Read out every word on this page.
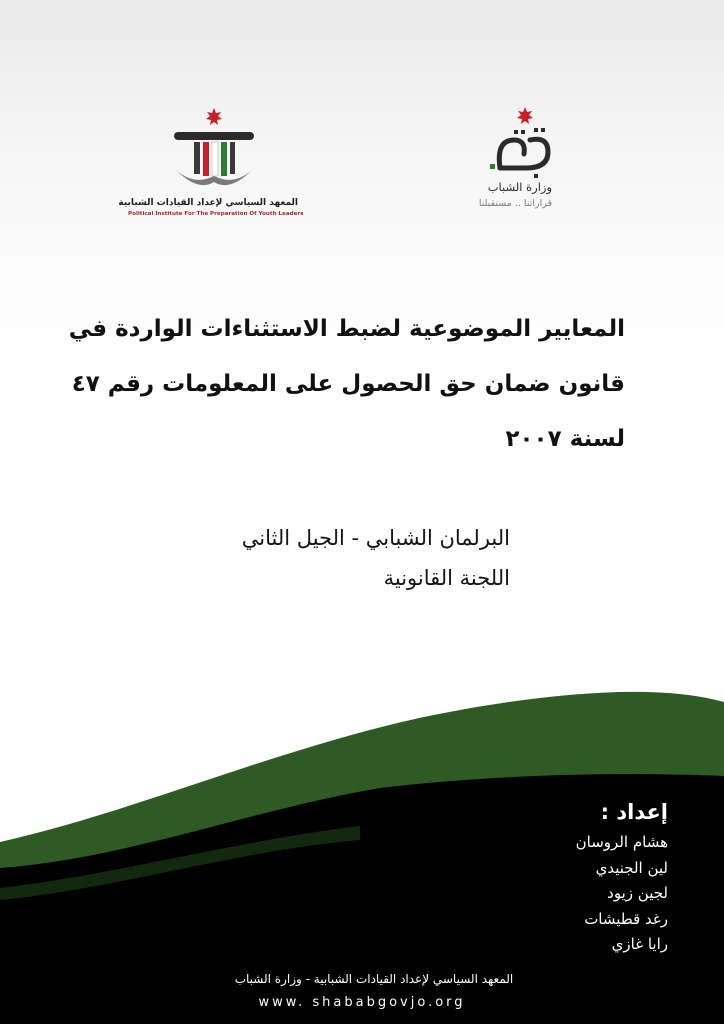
المعهد السياسي لإعداد القيادات الشبابية
Political Institute For The Preparation Of Youth Leaders
وزارة الشباب
قراراتنا .. مستقبلنا
المعايير الموضوعية لضبط الاستثناءات الواردة في
قانون ضمان حق الحصول على المعلومات رقم ٤٧
لسنة ٢٠٠٧
البرلمان الشبابي - الجيل الثاني
اللجنة القانونية
إعداد :
هشام الروسان
لين الجنيدي
لجين زيود
رغد قطيشات
رايا غازي
المعهد السياسي لإعداد القيادات الشبابية - وزارة الشباب
www. shababgovjo.org
